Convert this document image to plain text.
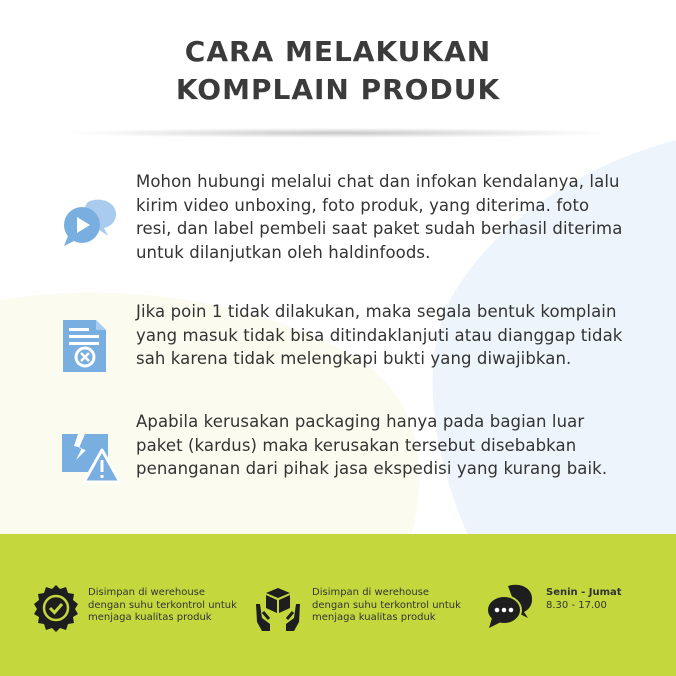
CARA MELAKUKAN
KOMPLAIN PRODUK
Mohon hubungi melalui chat dan infokan kendalanya, lalu kirim video unboxing, foto produk, yang diterima. foto resi, dan label pembeli saat paket sudah berhasil diterima untuk dilanjutkan oleh haldinfoods.
Jika poin 1 tidak dilakukan, maka segala bentuk komplain yang masuk tidak bisa ditindaklanjuti atau dianggap tidak sah karena tidak melengkapi bukti yang diwajibkan.
Apabila kerusakan packaging hanya pada bagian luar paket (kardus) maka kerusakan tersebut disebabkan penanganan dari pihak jasa ekspedisi yang kurang baik.
Disimpan di werehouse dengan suhu terkontrol untuk menjaga kualitas produk
Disimpan di werehouse dengan suhu terkontrol untuk menjaga kualitas produk
Senin - Jumat
8.30 - 17.00
